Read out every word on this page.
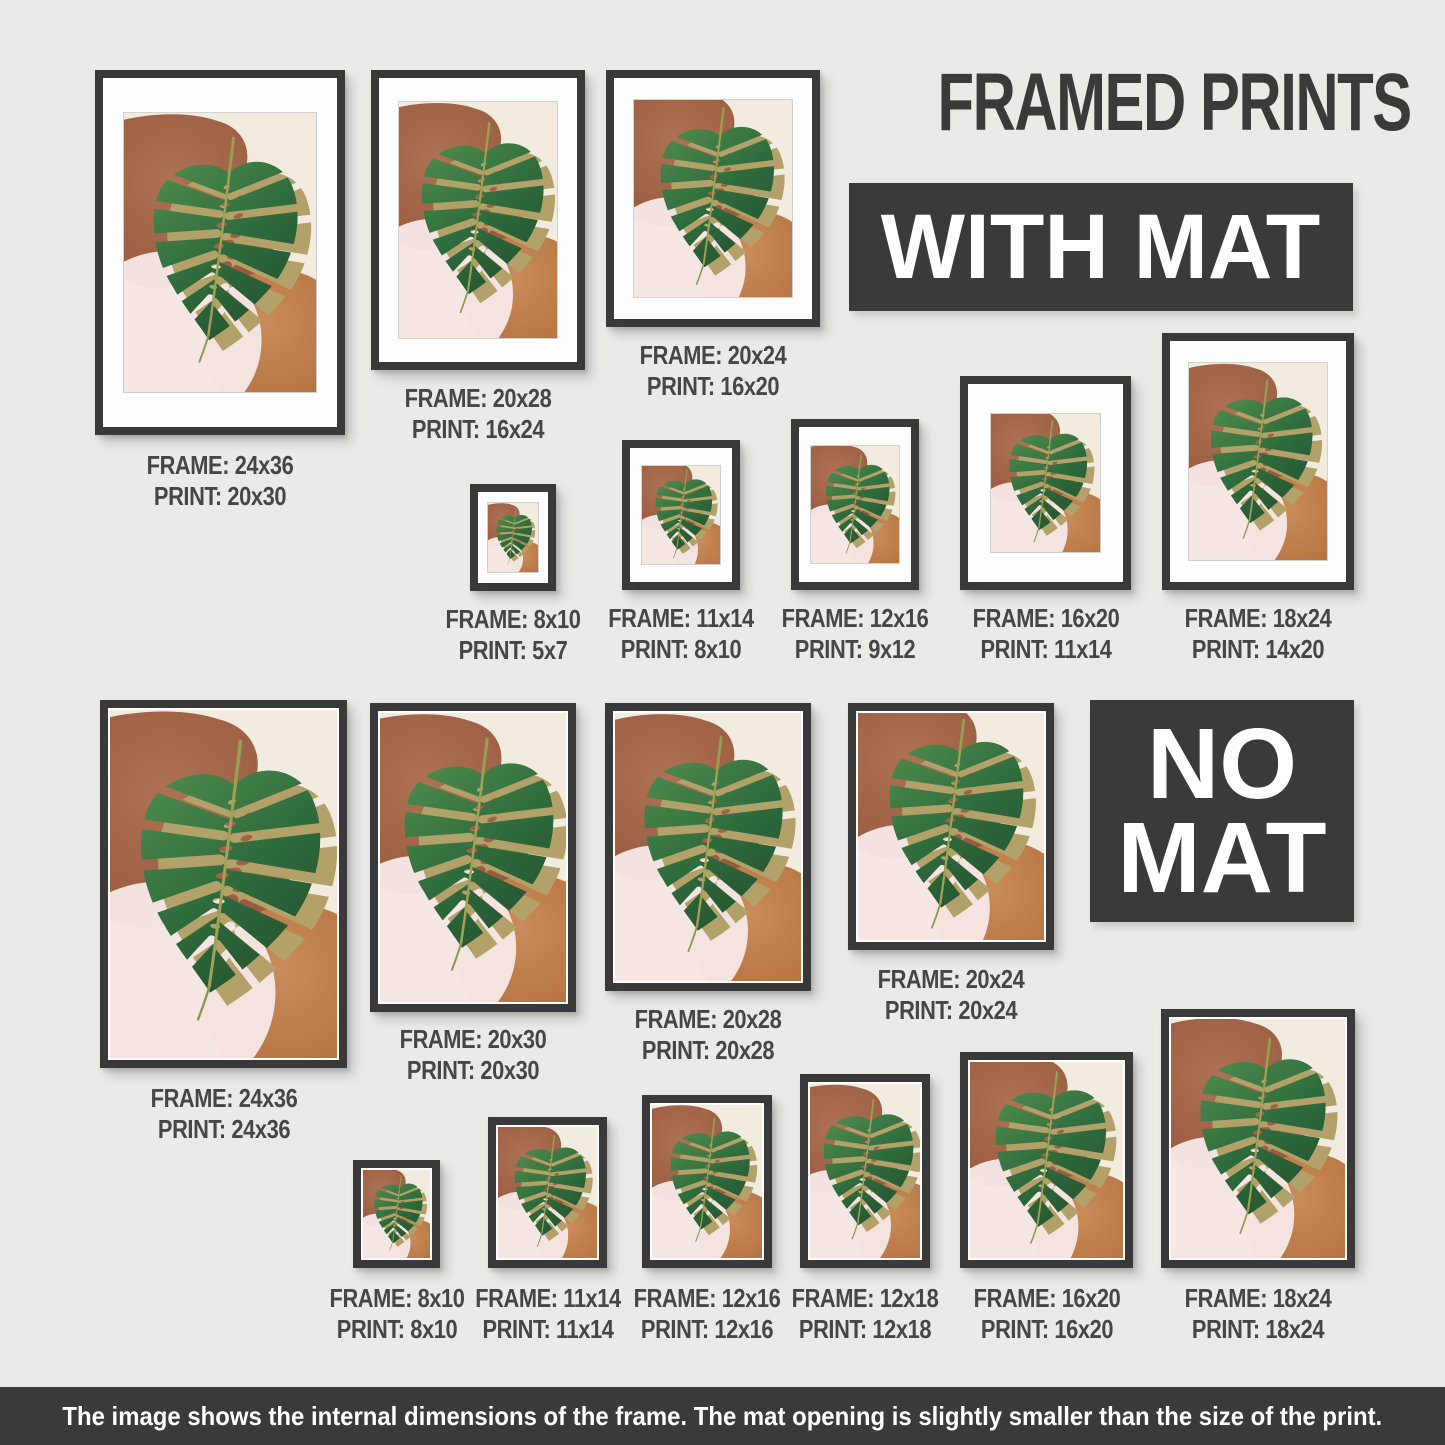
FRAMED PRINTS
WITH MAT
NO
MAT
The image shows the internal dimensions of the frame. The mat opening is slightly smaller than the size of the print.
FRAME: 24x36
PRINT: 20x30
FRAME: 20x28
PRINT: 16x24
FRAME: 20x24
PRINT: 16x20
FRAME: 8x10
PRINT: 5x7
FRAME: 11x14
PRINT: 8x10
FRAME: 12x16
PRINT: 9x12
FRAME: 16x20
PRINT: 11x14
FRAME: 18x24
PRINT: 14x20
FRAME: 24x36
PRINT: 24x36
FRAME: 20x30
PRINT: 20x30
FRAME: 20x28
PRINT: 20x28
FRAME: 20x24
PRINT: 20x24
FRAME: 8x10
PRINT: 8x10
FRAME: 11x14
PRINT: 11x14
FRAME: 12x16
PRINT: 12x16
FRAME: 12x18
PRINT: 12x18
FRAME: 16x20
PRINT: 16x20
FRAME: 18x24
PRINT: 18x24
